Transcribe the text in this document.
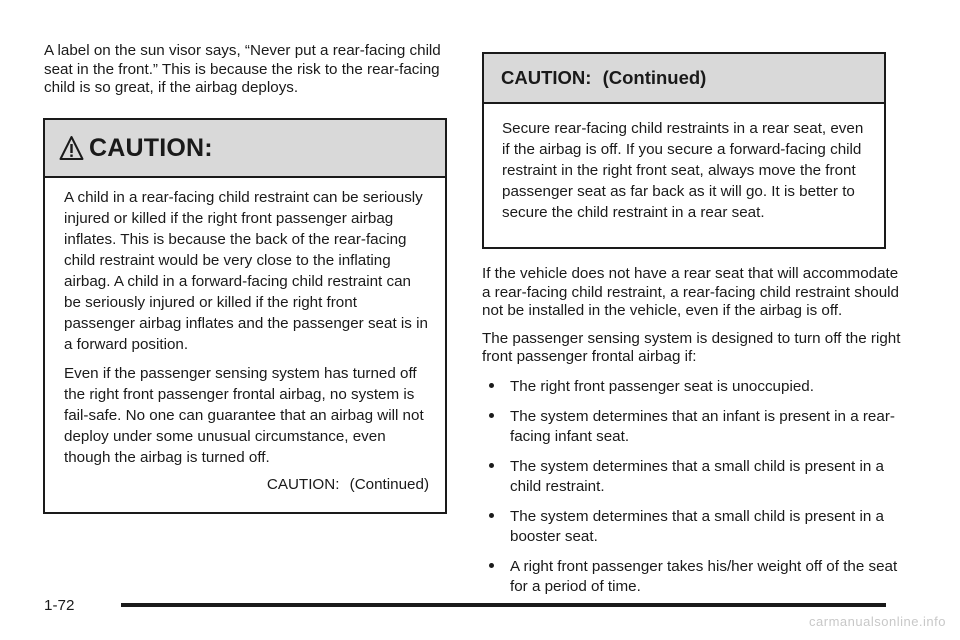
A label on the sun visor says, “Never put a rear-facing child seat in the front.” This is because the risk to the rear-facing child is so great, if the airbag deploys.

CAUTION:

A child in a rear-facing child restraint can be seriously injured or killed if the right front passenger airbag inflates. This is because the back of the rear-facing child restraint would be very close to the inflating airbag. A child in a forward-facing child restraint can be seriously injured or killed if the right front passenger airbag inflates and the passenger seat is in a forward position.

Even if the passenger sensing system has turned off the right front passenger frontal airbag, no system is fail-safe. No one can guarantee that an airbag will not deploy under some unusual circumstance, even though the airbag is turned off.

CAUTION: (Continued)
CAUTION: (Continued)

Secure rear-facing child restraints in a rear seat, even if the airbag is off. If you secure a forward-facing child restraint in the right front seat, always move the front passenger seat as far back as it will go. It is better to secure the child restraint in a rear seat.

If the vehicle does not have a rear seat that will accommodate a rear-facing child restraint, a rear-facing child restraint should not be installed in the vehicle, even if the airbag is off.

The passenger sensing system is designed to turn off the right front passenger frontal airbag if:

The right front passenger seat is unoccupied.
The system determines that an infant is present in a rear-facing infant seat.
The system determines that a small child is present in a child restraint.
The system determines that a small child is present in a booster seat.
A right front passenger takes his/her weight off of the seat for a period of time.
1-72
carmanualsonline.info
